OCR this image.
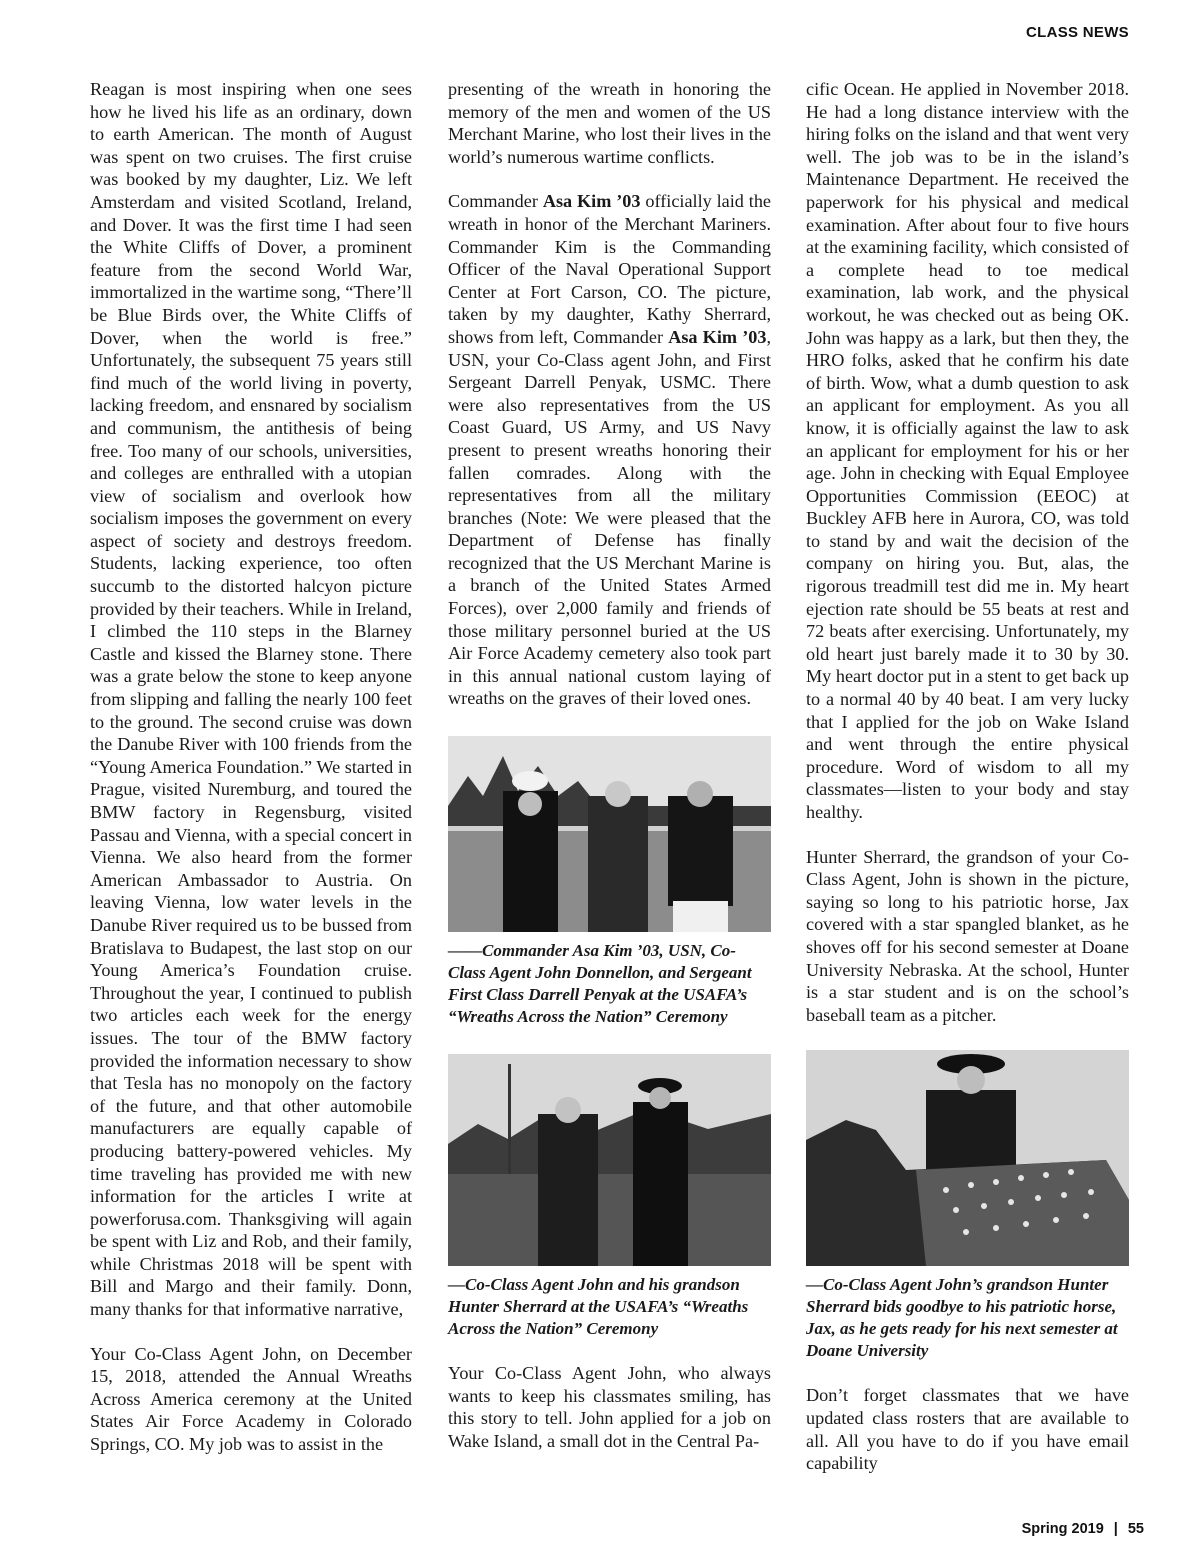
CLASS NEWS

Reagan is most inspiring when one sees how he lived his life as an ordinary, down to earth American. The month of August was spent on two cruises. The first cruise was booked by my daughter, Liz. We left Amsterdam and visited Scotland, Ireland, and Dover. It was the first time I had seen the White Cliffs of Dover, a prominent feature from the second World War, immortalized in the wartime song, “There’ll be Blue Birds over, the White Cliffs of Dover, when the world is free.” Unfortunately, the subsequent 75 years still find much of the world living in poverty, lacking freedom, and ensnared by socialism and communism, the antithesis of being free. Too many of our schools, universities, and colleges are enthralled with a utopian view of socialism and overlook how socialism imposes the government on every aspect of society and destroys freedom. Students, lacking experience, too often succumb to the distorted halcyon picture provided by their teachers. While in Ireland, I climbed the 110 steps in the Blarney Castle and kissed the Blarney stone. There was a grate below the stone to keep anyone from slipping and falling the nearly 100 feet to the ground. The second cruise was down the Danube River with 100 friends from the “Young America Foundation.” We started in Prague, visited Nuremburg, and toured the BMW factory in Regensburg, visited Passau and Vienna, with a special concert in Vienna. We also heard from the former American Ambassador to Austria. On leaving Vienna, low water levels in the Danube River required us to be bussed from Bratislava to Budapest, the last stop on our Young America’s Foundation cruise. Throughout the year, I continued to publish two articles each week for the energy issues. The tour of the BMW factory provided the information necessary to show that Tesla has no monopoly on the factory of the future, and that other automobile manufacturers are equally capable of producing battery-powered vehicles. My time traveling has provided me with new information for the articles I write at powerforusa.com. Thanksgiving will again be spent with Liz and Rob, and their family, while Christmas 2018 will be spent with Bill and Margo and their family. Donn, many thanks for that informative narrative,

Your Co-Class Agent John, on December 15, 2018, attended the Annual Wreaths Across America ceremony at the United States Air Force Academy in Colorado Springs, CO. My job was to assist in the

presenting of the wreath in honoring the memory of the men and women of the US Merchant Marine, who lost their lives in the world’s numerous wartime conflicts.

Commander Asa Kim ’03 officially laid the wreath in honor of the Merchant Mariners. Commander Kim is the Commanding Officer of the Naval Operational Support Center at Fort Carson, CO. The picture, taken by my daughter, Kathy Sherrard, shows from left, Commander Asa Kim ’03, USN, your Co-Class agent John, and First Sergeant Darrell Penyak, USMC. There were also representatives from the US Coast Guard, US Army, and US Navy present to present wreaths honoring their fallen comrades. Along with the representatives from all the military branches (Note: We were pleased that the Department of Defense has finally recognized that the US Merchant Marine is a branch of the United States Armed Forces), over 2,000 family and friends of those military personnel buried at the US Air Force Academy cemetery also took part in this annual national custom laying of wreaths on the graves of their loved ones.

——Commander Asa Kim ’03, USN, Co-Class Agent John Donnellon, and Sergeant First Class Darrell Penyak at the USAFA’s “Wreaths Across the Nation” Ceremony
—Co-Class Agent John and his grandson Hunter Sherrard at the USAFA’s “Wreaths Across the Nation” Ceremony

Your Co-Class Agent John, who always wants to keep his classmates smiling, has this story to tell. John applied for a job on Wake Island, a small dot in the Central Pa-

cific Ocean. He applied in November 2018. He had a long distance interview with the hiring folks on the island and that went very well. The job was to be in the island’s Maintenance Department. He received the paperwork for his physical and medical examination. After about four to five hours at the examining facility, which consisted of a complete head to toe medical examination, lab work, and the physical workout, he was checked out as being OK. John was happy as a lark, but then they, the HRO folks, asked that he confirm his date of birth. Wow, what a dumb question to ask an applicant for employment. As you all know, it is officially against the law to ask an applicant for employment for his or her age. John in checking with Equal Employee Opportunities Commission (EEOC) at Buckley AFB here in Aurora, CO, was told to stand by and wait the decision of the company on hiring you. But, alas, the rigorous treadmill test did me in. My heart ejection rate should be 55 beats at rest and 72 beats after exercising. Unfortunately, my old heart just barely made it to 30 by 30. My heart doctor put in a stent to get back up to a normal 40 by 40 beat. I am very lucky that I applied for the job on Wake Island and went through the entire physical procedure. Word of wisdom to all my classmates—listen to your body and stay healthy.

Hunter Sherrard, the grandson of your Co-Class Agent, John is shown in the picture, saying so long to his patriotic horse, Jax covered with a star spangled blanket, as he shoves off for his second semester at Doane University Nebraska. At the school, Hunter is a star student and is on the school’s baseball team as a pitcher.

—Co-Class Agent John’s grandson Hunter Sherrard bids goodbye to his patriotic horse, Jax, as he gets ready for his next semester at Doane University

Don’t forget classmates that we have updated class rosters that are available to all. All you have to do if you have email capability

Spring 2019 | 55
